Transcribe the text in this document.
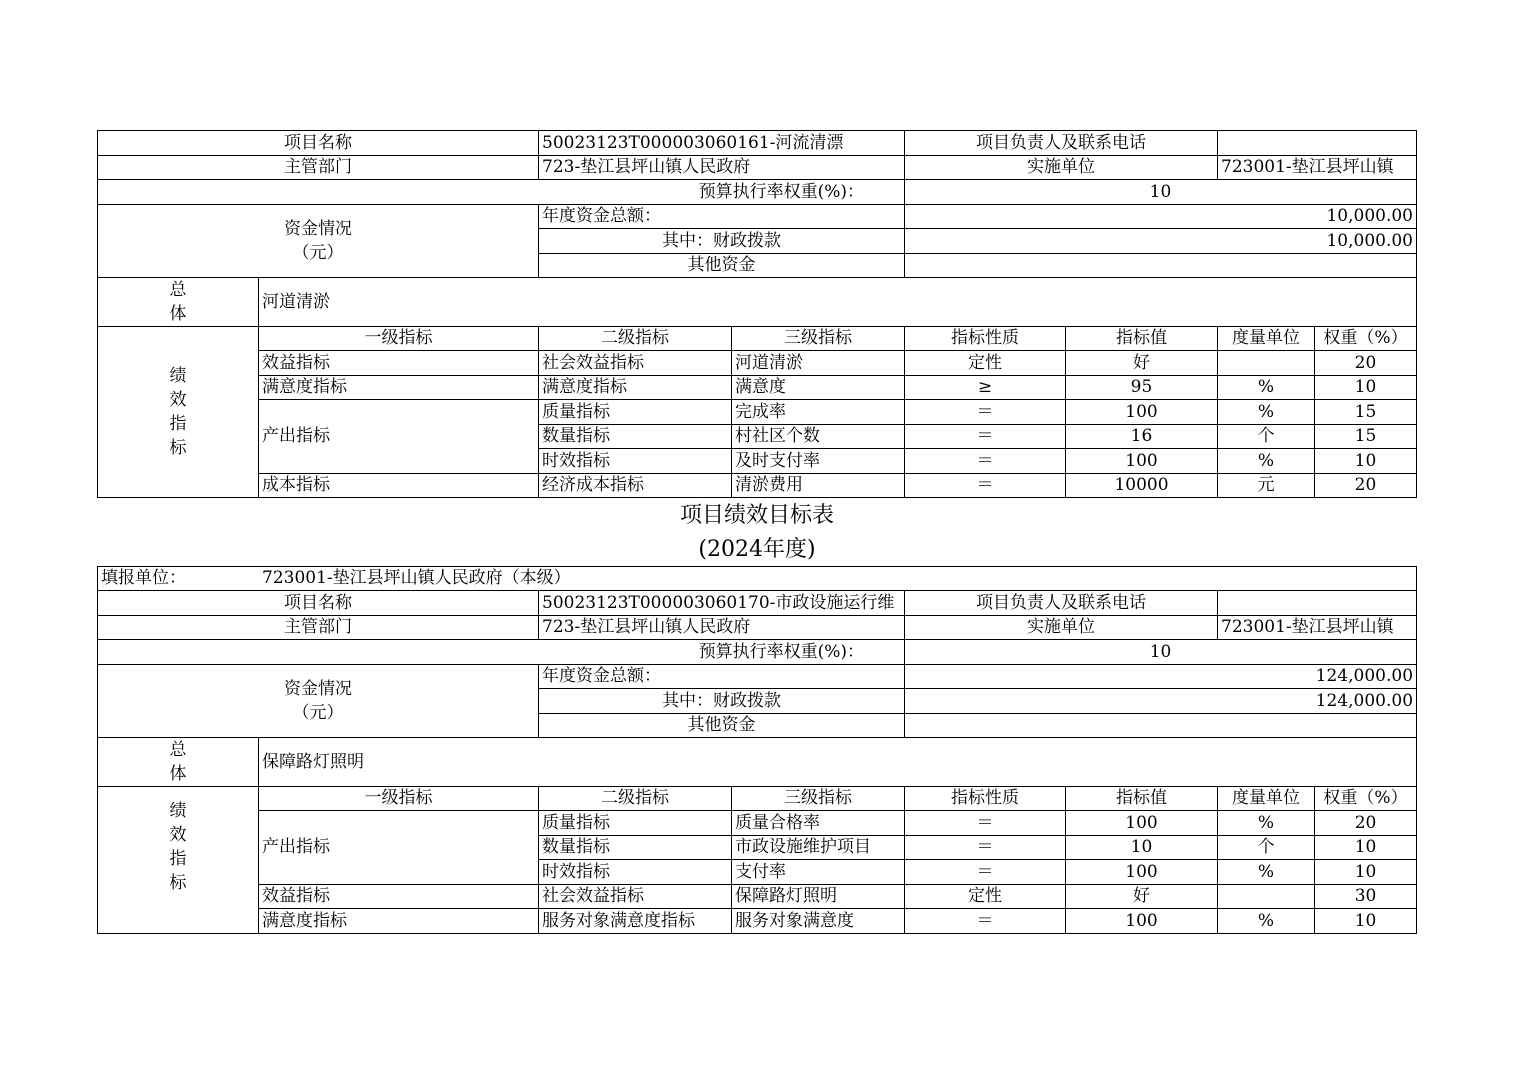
项目名称		50023123T000003060161-河流清漂		项目负责人及联系电话			
主管部门		723-垫江县坪山镇人民政府		实施单位		723001-垫江县坪山镇	
预算执行率权重(%)：				10			
资金情况
（元）		年度资金总额：		10,000.00			
		其中：财政拨款		10,000.00			
		其他资金					
总
体	河道清淤						
绩
效
指
标	一级指标	二级指标	三级指标	指标性质	指标值	度量单位	权重（%）
	效益指标	社会效益指标	河道清淤	定性	好		20
	满意度指标	满意度指标	满意度	≥	95	%	10
	产出指标	质量指标	完成率	＝	100	%	15
		数量指标	村社区个数	＝	16	个	15
		时效指标	及时支付率	＝	100	%	10
	成本指标	经济成本指标	清淤费用	＝	10000	元	20
项目绩效目标表
(2024年度)
填报单位： 723001-垫江县坪山镇人民政府（本级）							
项目名称		50023123T000003060170-市政设施运行维		项目负责人及联系电话			
主管部门		723-垫江县坪山镇人民政府		实施单位		723001-垫江县坪山镇	
预算执行率权重(%)：				10			
资金情况
（元）		年度资金总额：		124,000.00			
		其中：财政拨款		124,000.00			
		其他资金					
总
体	保障路灯照明						
绩
效
指
标	一级指标	二级指标	三级指标	指标性质	指标值	度量单位	权重（%）
	产出指标	质量指标	质量合格率	＝	100	%	20
		数量指标	市政设施维护项目	＝	10	个	10
		时效指标	支付率	＝	100	%	10
	效益指标	社会效益指标	保障路灯照明	定性	好		30
	满意度指标	服务对象满意度指标	服务对象满意度	＝	100	%	10
